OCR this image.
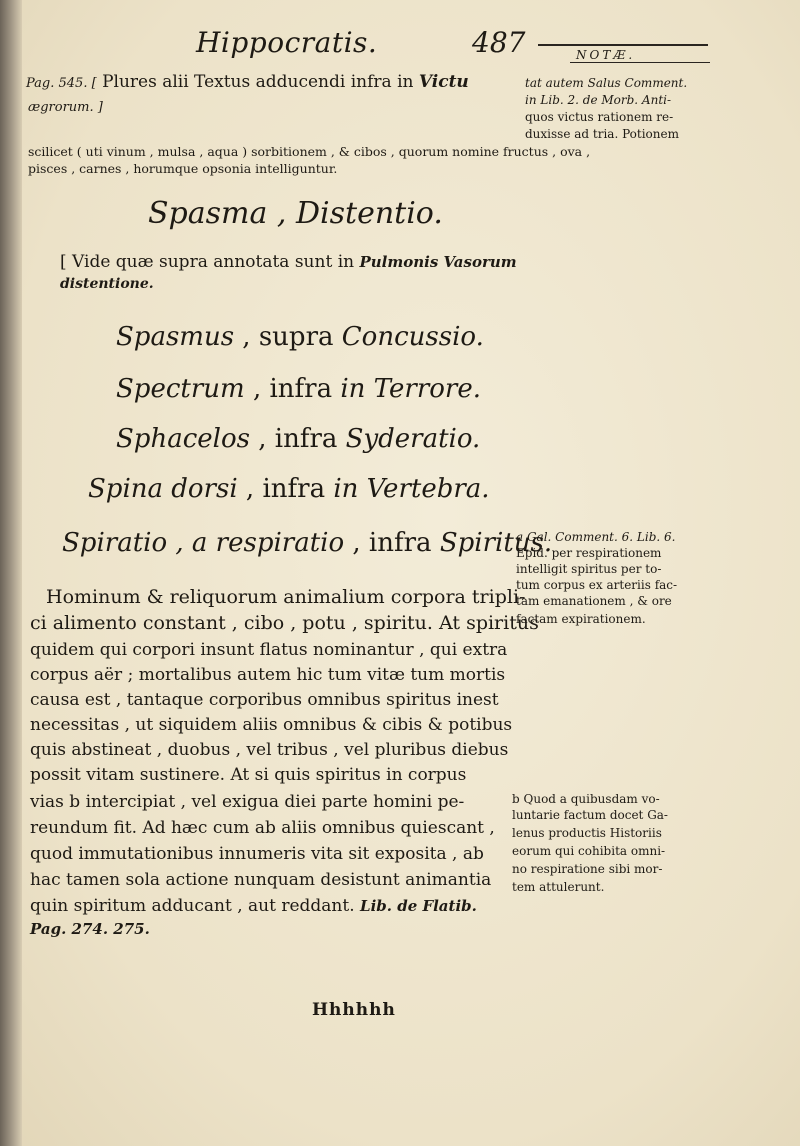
Hippocratis.	487	NOTÆ.
Pag. 545. [ Plures alii Textus adducendi infra in Victu
ægrorum. ]
scilicet ( uti vinum , mulsa , aqua ) sorbitionem , & cibos , quorum nomine fructus , ova ,
pisces , carnes , horumque opsonia intelliguntur.
tat autem Salus Comment.
in Lib. 2. de Morb. Anti-
quos victus rationem re-
duxisse ad tria. Potionem
Spasma , Distentio.
[ Vide quæ supra annotata sunt in Pulmonis Vasorum
distentione.
Spasmus , supra Concussio.
Spectrum , infra in Terrore.
Sphacelos , infra Syderatio.
Spina dorsi , infra in Vertebra.
Spiratio , a respiratio , infra Spiritus.
a Gal. Comment. 6. Lib. 6.
Epid. per respirationem
intelligit spiritus per to-
tum corpus ex arteriis fac-
tam emanationem , & ore
factam expirationem.
Hominum & reliquorum animalium corpora tripli-
ci alimento constant , cibo , potu , spiritu. At spiritus
quidem qui corpori insunt flatus nominantur , qui extra
corpus aër ; mortalibus autem hic tum vitæ tum mortis
causa est , tantaque corporibus omnibus spiritus inest
necessitas , ut siquidem aliis omnibus & cibis & potibus
quis abstineat , duobus , vel tribus , vel pluribus diebus
possit vitam sustinere. At si quis spiritus in corpus
vias b intercipiat , vel exigua diei parte homini pe-
reundum fit. Ad hæc cum ab aliis omnibus quiescant ,
quod immutationibus innumeris vita sit exposita , ab
hac tamen sola actione nunquam desistunt animantia
quin spiritum adducant , aut reddant. Lib. de Flatib.
Pag. 274. 275.
b Quod a quibusdam vo-
luntarie factum docet Ga-
lenus productis Historiis
eorum qui cohibita omni-
no respiratione sibi mor-
tem attulerunt.
Hhhhhh
